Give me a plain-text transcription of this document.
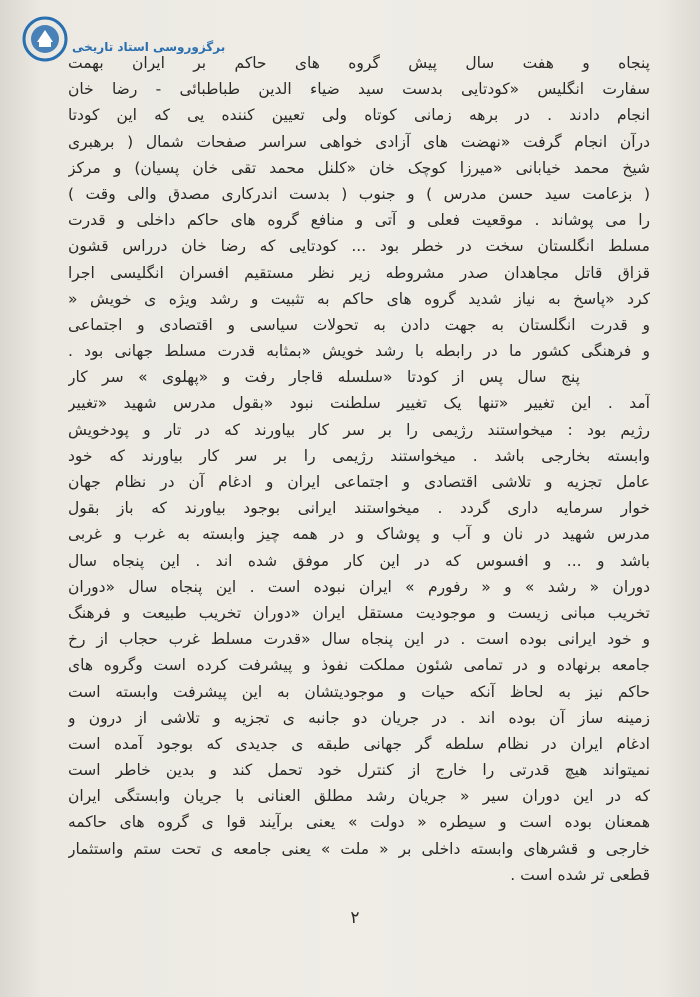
برگزوروسی استاد تاریخی
پنجاه و هفت سال پیش گروه های حاکم بر ایران بهمت
سفارت انگلیس «کودتایی بدست سید ضیاء الدین طباطبائی - رضا خان
انجام دادند . در برهه زمانی کوتاه ولی تعیین کننده یی که این کودتا
درآن انجام گرفت «نهضت های آزادی خواهی سراسر صفحات شمال ( برهبری
شیخ محمد خیابانی «میرزا کوچک خان «کلنل محمد تقی خان پسیان) و مرکز
( بزعامت سید حسن مدرس ) و جنوب ( بدست اندرکاری مصدق والی وقت )
را می پوشاند . موقعیت فعلی و آتی و منافع گروه های حاکم داخلی و قدرت
مسلط انگلستان سخت در خطر بود ... کودتایی که رضا خان درراس قشون
قزاق قاتل مجاهدان صدر مشروطه زیر نظر مستقیم افسران انگلیسی اجرا
کرد «پاسخ به نیاز شدید گروه های حاکم به تثبیت و رشد ویژه ی خویش «
و قدرت انگلستان به جهت دادن به تحولات سیاسی و اقتصادی و اجتماعی
و فرهنگی کشور ما در رابطه با رشد خویش «بمثابه قدرت مسلط جهانی بود .
پنج سال پس از کودتا «سلسله قاجار رفت و «پهلوی » سر کار
آمد . این تغییر «تنها یک تغییر سلطنت نبود «بقول مدرس شهید «تغییر
رژیم بود : میخواستند رژیمی را بر سر کار بیاورند که در تار و پودخویش
وابسته بخارجی باشد . میخواستند رژیمی را بر سر کار بیاورند که خود
عامل تجزیه و تلاشی اقتصادی و اجتماعی ایران و ادغام آن در نظام جهان
خوار سرمایه داری گردد . میخواستند ایرانی بوجود بیاورند که باز بقول
مدرس شهید در نان و آب و پوشاک و در همه چیز وابسته به غرب و غربی
باشد و ... و افسوس که در این کار موفق شده اند . این پنجاه سال
دوران « رشد » و « رفورم » ایران نبوده است . این پنجاه سال «دوران
تخریب مبانی زیست و موجودیت مستقل ایران «دوران تخریب طبیعت و فرهنگ
و خود ایرانی بوده است . در این پنجاه سال «قدرت مسلط غرب حجاب از رخ
جامعه برنهاده و در تمامی شئون مملکت نفوذ و پیشرفت کرده است وگروه های
حاکم نیز به لحاظ آنکه حیات و موجودیتشان به این پیشرفت وابسته است
زمینه ساز آن بوده اند . در جریان دو جانبه ی تجزیه و تلاشی از درون و
ادغام ایران در نظام سلطه گر جهانی طبقه ی جدیدی که بوجود آمده است
نمیتواند هیچ قدرتی را خارج از کنترل خود تحمل کند و بدین خاطر است
که در این دوران سیر « جریان رشد مطلق العنانی با جریان وابستگی ایران
همعنان بوده است و سیطره « دولت » یعنی برآیند قوا ی گروه های حاکمه
خارجی و قشرهای وابسته داخلی بر « ملت » یعنی جامعه ی تحت ستم واستثمار
قطعی تر شده است .
۲
